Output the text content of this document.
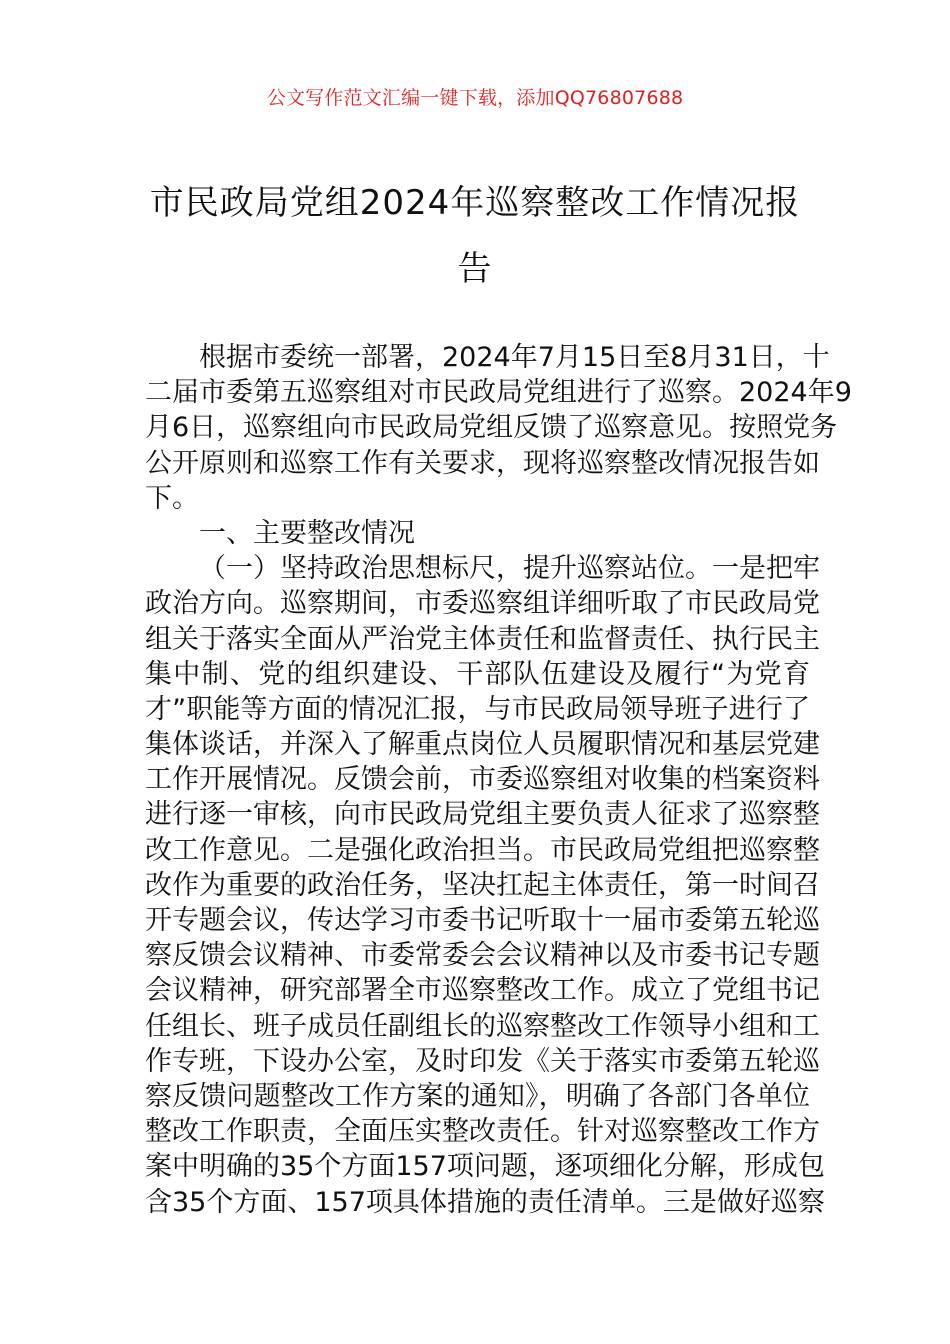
公文写作范文汇编一键下载，添加QQ76807688
市民政局党组2024年巡察整改工作情况报
告
根据市委统一部署，2024年7月15日至8月31日，十
二届市委第五巡察组对市民政局党组进行了巡察。2024年9
月6日，巡察组向市民政局党组反馈了巡察意见。按照党务
公开原则和巡察工作有关要求，现将巡察整改情况报告如
下。
一、主要整改情况
（一）坚持政治思想标尺，提升巡察站位。一是把牢
政治方向。巡察期间，市委巡察组详细听取了市民政局党
组关于落实全面从严治党主体责任和监督责任、执行民主
集中制、党的组织建设、干部队伍建设及履行“为党育
才”职能等方面的情况汇报，与市民政局领导班子进行了
集体谈话，并深入了解重点岗位人员履职情况和基层党建
工作开展情况。反馈会前，市委巡察组对收集的档案资料
进行逐一审核，向市民政局党组主要负责人征求了巡察整
改工作意见。二是强化政治担当。市民政局党组把巡察整
改作为重要的政治任务，坚决扛起主体责任，第一时间召
开专题会议，传达学习市委书记听取十一届市委第五轮巡
察反馈会议精神、市委常委会会议精神以及市委书记专题
会议精神，研究部署全市巡察整改工作。成立了党组书记
任组长、班子成员任副组长的巡察整改工作领导小组和工
作专班，下设办公室，及时印发《关于落实市委第五轮巡
察反馈问题整改工作方案的通知》，明确了各部门各单位
整改工作职责，全面压实整改责任。针对巡察整改工作方
案中明确的35个方面157项问题，逐项细化分解，形成包
含35个方面、157项具体措施的责任清单。三是做好巡察
